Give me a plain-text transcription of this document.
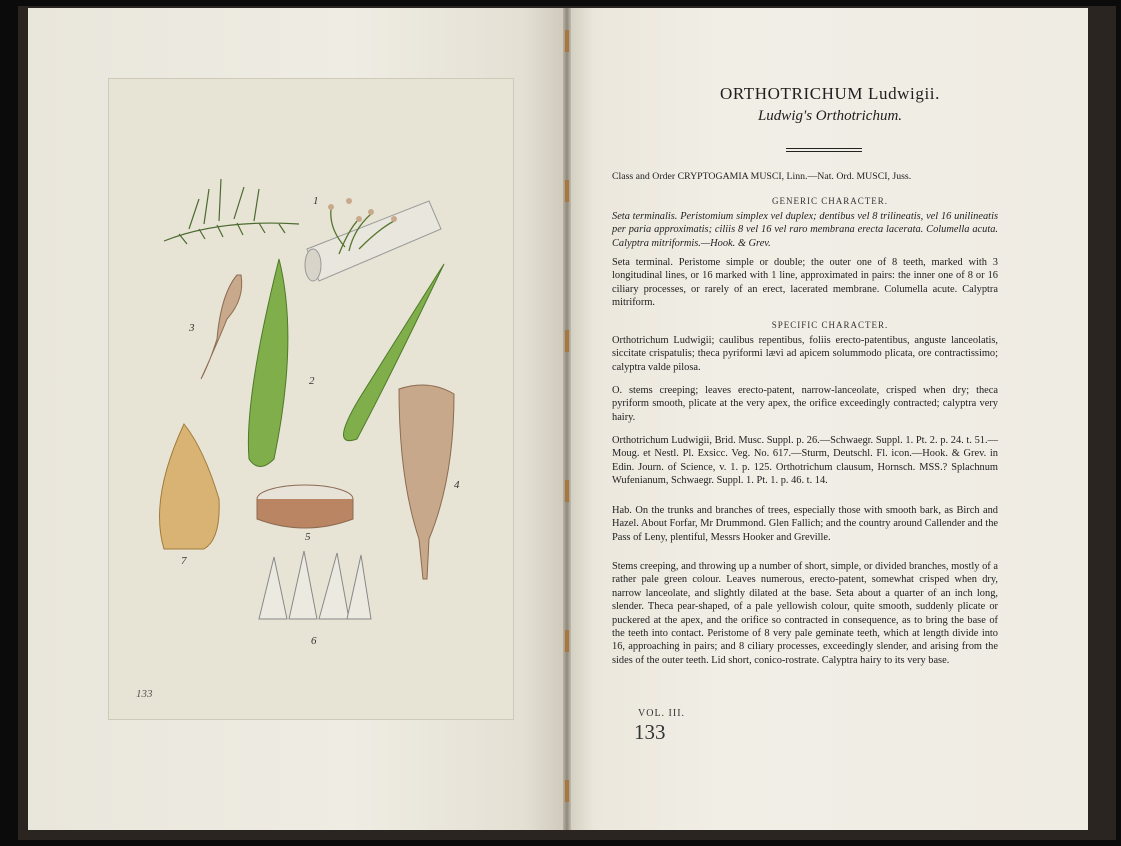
1
2
3
4
5
6
7
133
ORTHOTRICHUM Ludwigii.
Ludwig's Orthotrichum.
Class and Order CRYPTOGAMIA MUSCI, Linn.—Nat. Ord. MUSCI, Juss.
GENERIC CHARACTER.
Seta terminalis. Peristomium simplex vel duplex; dentibus vel 8 trilineatis, vel 16 unilineatis per paria approximatis; ciliis 8 vel 16 vel raro membrana erecta lacerata. Columella acuta. Calyptra mitriformis.—Hook. & Grev.
Seta terminal. Peristome simple or double; the outer one of 8 teeth, marked with 3 longitudinal lines, or 16 marked with 1 line, approximated in pairs: the inner one of 8 or 16 ciliary processes, or rarely of an erect, lacerated membrane. Columella acute. Calyptra mitriform.
SPECIFIC CHARACTER.
Orthotrichum Ludwigii; caulibus repentibus, foliis erecto-patentibus, anguste lanceolatis, siccitate crispatulis; theca pyriformi lævi ad apicem solummodo plicata, ore contractissimo; calyptra valde pilosa.
O. stems creeping; leaves erecto-patent, narrow-lanceolate, crisped when dry; theca pyriform smooth, plicate at the very apex, the orifice exceedingly contracted; calyptra very hairy.
Orthotrichum Ludwigii, Brid. Musc. Suppl. p. 26.—Schwaegr. Suppl. 1. Pt. 2. p. 24. t. 51.—Moug. et Nestl. Pl. Exsicc. Veg. No. 617.—Sturm, Deutschl. Fl. icon.—Hook. & Grev. in Edin. Journ. of Science, v. 1. p. 125. Orthotrichum clausum, Hornsch. MSS.? Splachnum Wufenianum, Schwaegr. Suppl. 1. Pt. 1. p. 46. t. 14.
Hab. On the trunks and branches of trees, especially those with smooth bark, as Birch and Hazel. About Forfar, Mr Drummond. Glen Fallich; and the country around Callender and the Pass of Leny, plentiful, Messrs Hooker and Greville.
Stems creeping, and throwing up a number of short, simple, or divided branches, mostly of a rather pale green colour. Leaves numerous, erecto-patent, somewhat crisped when dry, narrow lanceolate, and slightly dilated at the base. Seta about a quarter of an inch long, slender. Theca pear-shaped, of a pale yellowish colour, quite smooth, suddenly plicate or puckered at the apex, and the orifice so contracted in consequence, as to bring the base of the teeth into contact. Peristome of 8 very pale geminate teeth, which at length divide into 16, approaching in pairs; and 8 ciliary processes, exceedingly slender, and arising from the sides of the outer teeth. Lid short, conico-rostrate. Calyptra hairy to its very base.
VOL. III.
133
